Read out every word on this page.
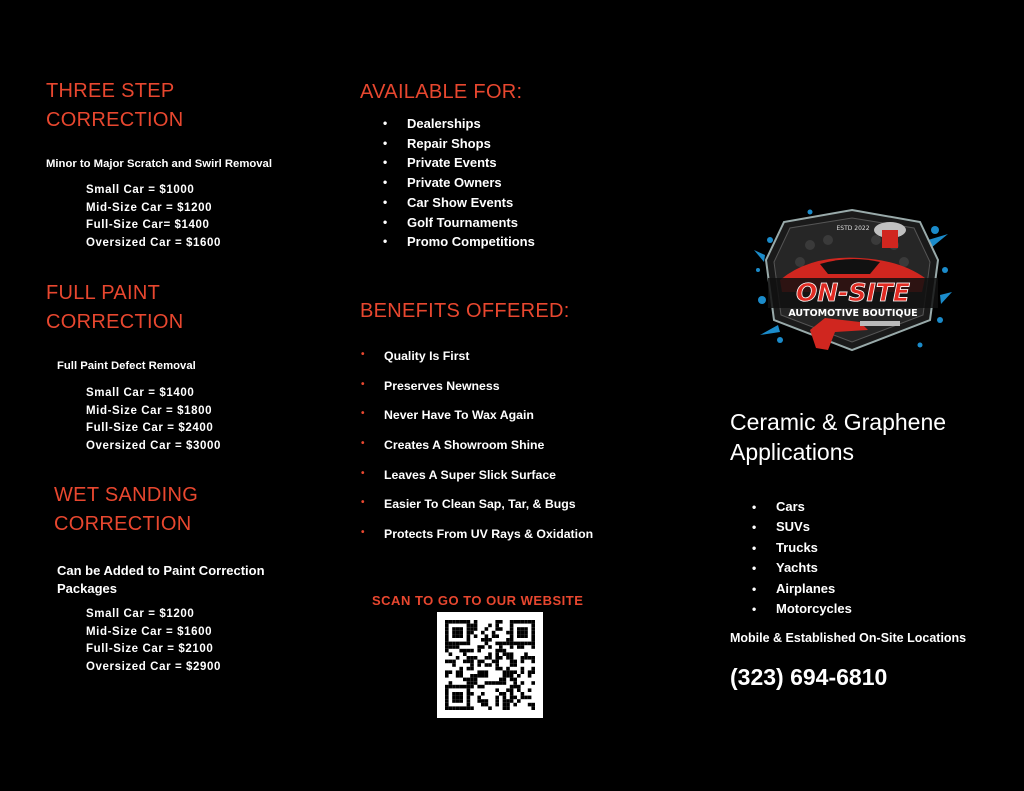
THREE STEP
CORRECTION
Minor to Major Scratch and Swirl Removal
Small Car = $1000
Mid-Size Car = $1200
Full-Size Car= $1400
Oversized Car = $1600
FULL PAINT
CORRECTION
Full Paint Defect Removal
Small Car = $1400
Mid-Size Car = $1800
Full-Size Car = $2400
Oversized Car = $3000
WET SANDING
CORRECTION
Can be Added to Paint Correction
Packages
Small Car = $1200
Mid-Size Car = $1600
Full-Size Car = $2100
Oversized Car = $2900
AVAILABLE FOR:
• Dealerships
• Repair Shops
• Private Events
• Private Owners
• Car Show Events
• Golf Tournaments
• Promo Competitions
BENEFITS OFFERED:
• Quality Is First
• Preserves Newness
• Never Have To Wax Again
• Creates A Showroom Shine
• Leaves A Super Slick Surface
• Easier To Clean Sap, Tar, & Bugs
• Protects From UV Rays & Oxidation
SCAN TO GO TO OUR WEBSITE
ON-SITE
AUTOMOTIVE BOUTIQUE
ESTD 2022
Ceramic & Graphene
Applications
• Cars
• SUVs
• Trucks
• Yachts
• Airplanes
• Motorcycles
Mobile & Established On-Site Locations
(323) 694-6810
